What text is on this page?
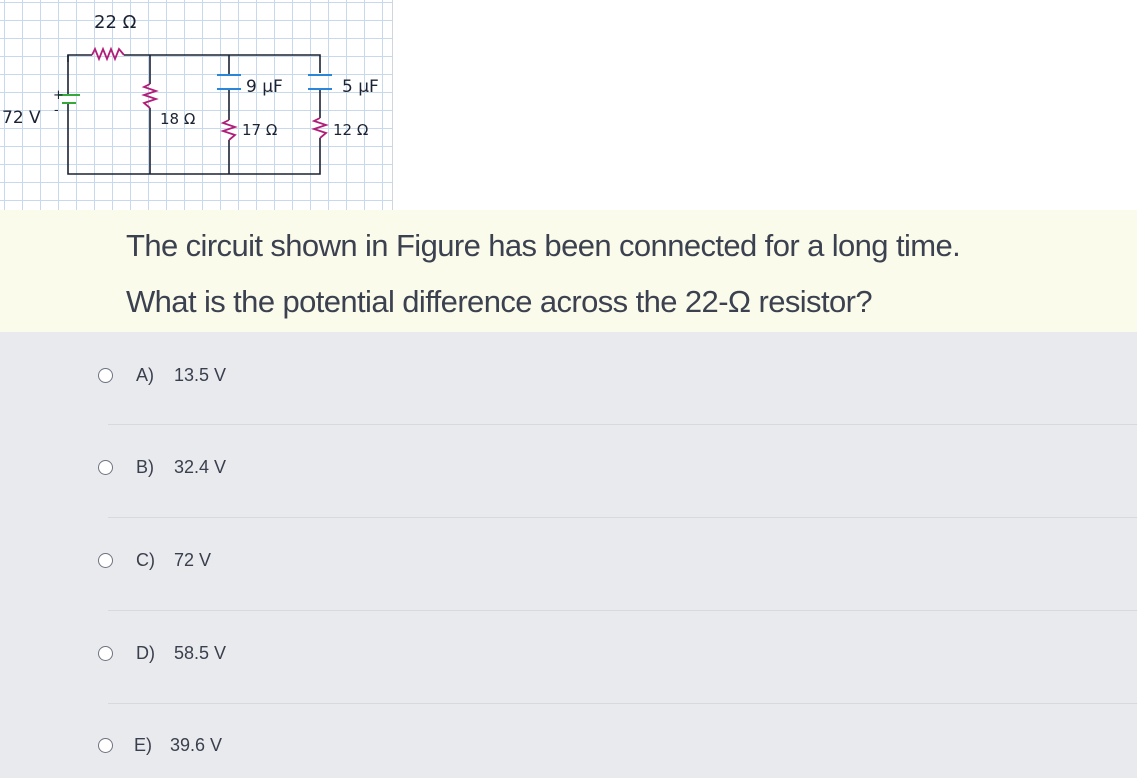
22 Ω
18 Ω
17 Ω	12 Ω
9 μF	5 μF
72 V
+
-
The circuit shown in Figure has been connected for a long time.
What is the potential difference across the 22-Ω resistor?
A)	13.5 V
B)	32.4 V
C)	72 V
D)	58.5 V
E)	39.6 V
